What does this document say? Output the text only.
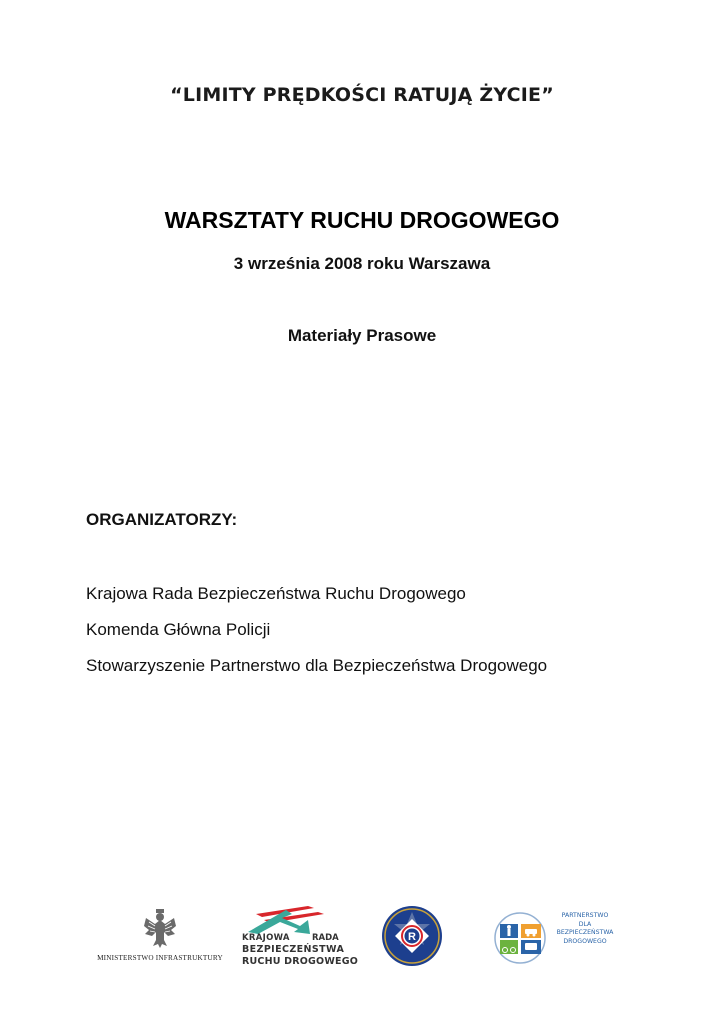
“LIMITY PRĘDKOŚCI RATUJĄ ŻYCIE”
WARSZTATY RUCHU DROGOWEGO
3 września 2008 roku Warszawa
Materiały Prasowe
ORGANIZATORZY:
Krajowa Rada Bezpieczeństwa Ruchu Drogowego
Komenda Główna Policji
Stowarzyszenie Partnerstwo dla Bezpieczeństwa Drogowego
MINISTERSTWO INFRASTRUKTURY
KRAJOWA	RADA
BEZPIECZEŃSTWA
RUCHU DROGOWEGO
R
PARTNERSTWO
DLA
BEZPIECZEŃSTWA
DROGOWEGO
